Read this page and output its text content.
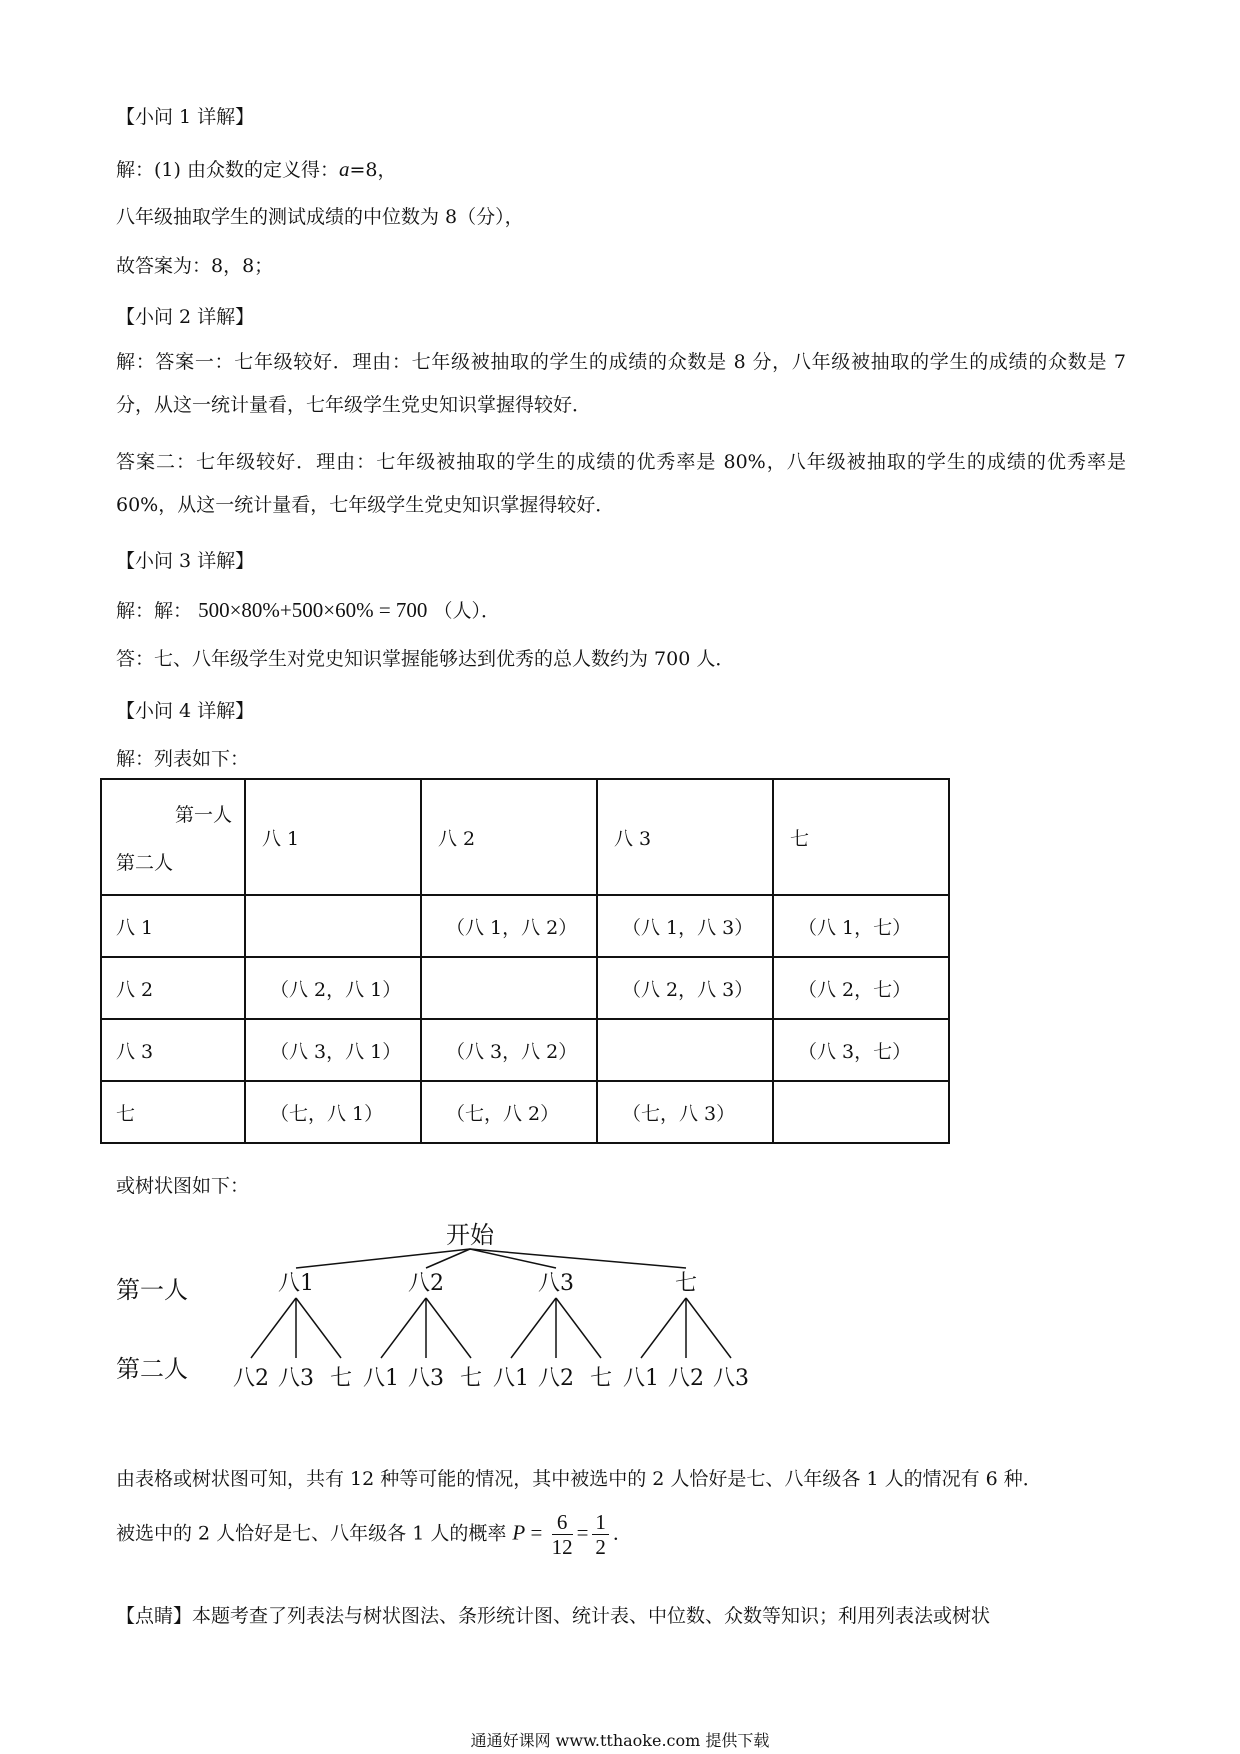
【小问 1 详解】
解：(1) 由众数的定义得：a=8，
八年级抽取学生的测试成绩的中位数为 8（分），
故答案为：8，8；
【小问 2 详解】
解：答案一：七年级较好．理由：七年级被抽取的学生的成绩的众数是 8 分，八年级被抽取的学生的成绩的众数是 7 分，从这一统计量看，七年级学生党史知识掌握得较好．
答案二：七年级较好．理由：七年级被抽取的学生的成绩的优秀率是 80%，八年级被抽取的学生的成绩的优秀率是 60%，从这一统计量看，七年级学生党史知识掌握得较好．
【小问 3 详解】
解：解： 500×80%+500×60% = 700 （人）．
答：七、八年级学生对党史知识掌握能够达到优秀的总人数约为 700 人．
【小问 4 详解】
解：列表如下：
第一人
第二人	八 1	八 2	八 3	七
八 1		（八 1，八 2）	（八 1，八 3）	（八 1，七）
八 2	（八 2，八 1）		（八 2，八 3）	（八 2，七）
八 3	（八 3，八 1）	（八 3，八 2）		（八 3，七）
七	（七，八 1）	（七，八 2）	（七，八 3）	
或树状图如下：
开始
第一人
第二人
八1
八2 八3 七
八2
八1 八3 七
八3
八1 八2 七
七
八1 八2 八3
由表格或树状图可知，共有 12 种等可能的情况，其中被选中的 2 人恰好是七、八年级各 1 人的情况有 6 种．
被选中的 2 人恰好是七、八年级各 1 人的概率 $P = \frac{6}{12} = \frac{1}{2}$ ．
【点睛】本题考查了列表法与树状图法、条形统计图、统计表、中位数、众数等知识；利用列表法或树状
通通好课网 www.tthaoke.com 提供下载
